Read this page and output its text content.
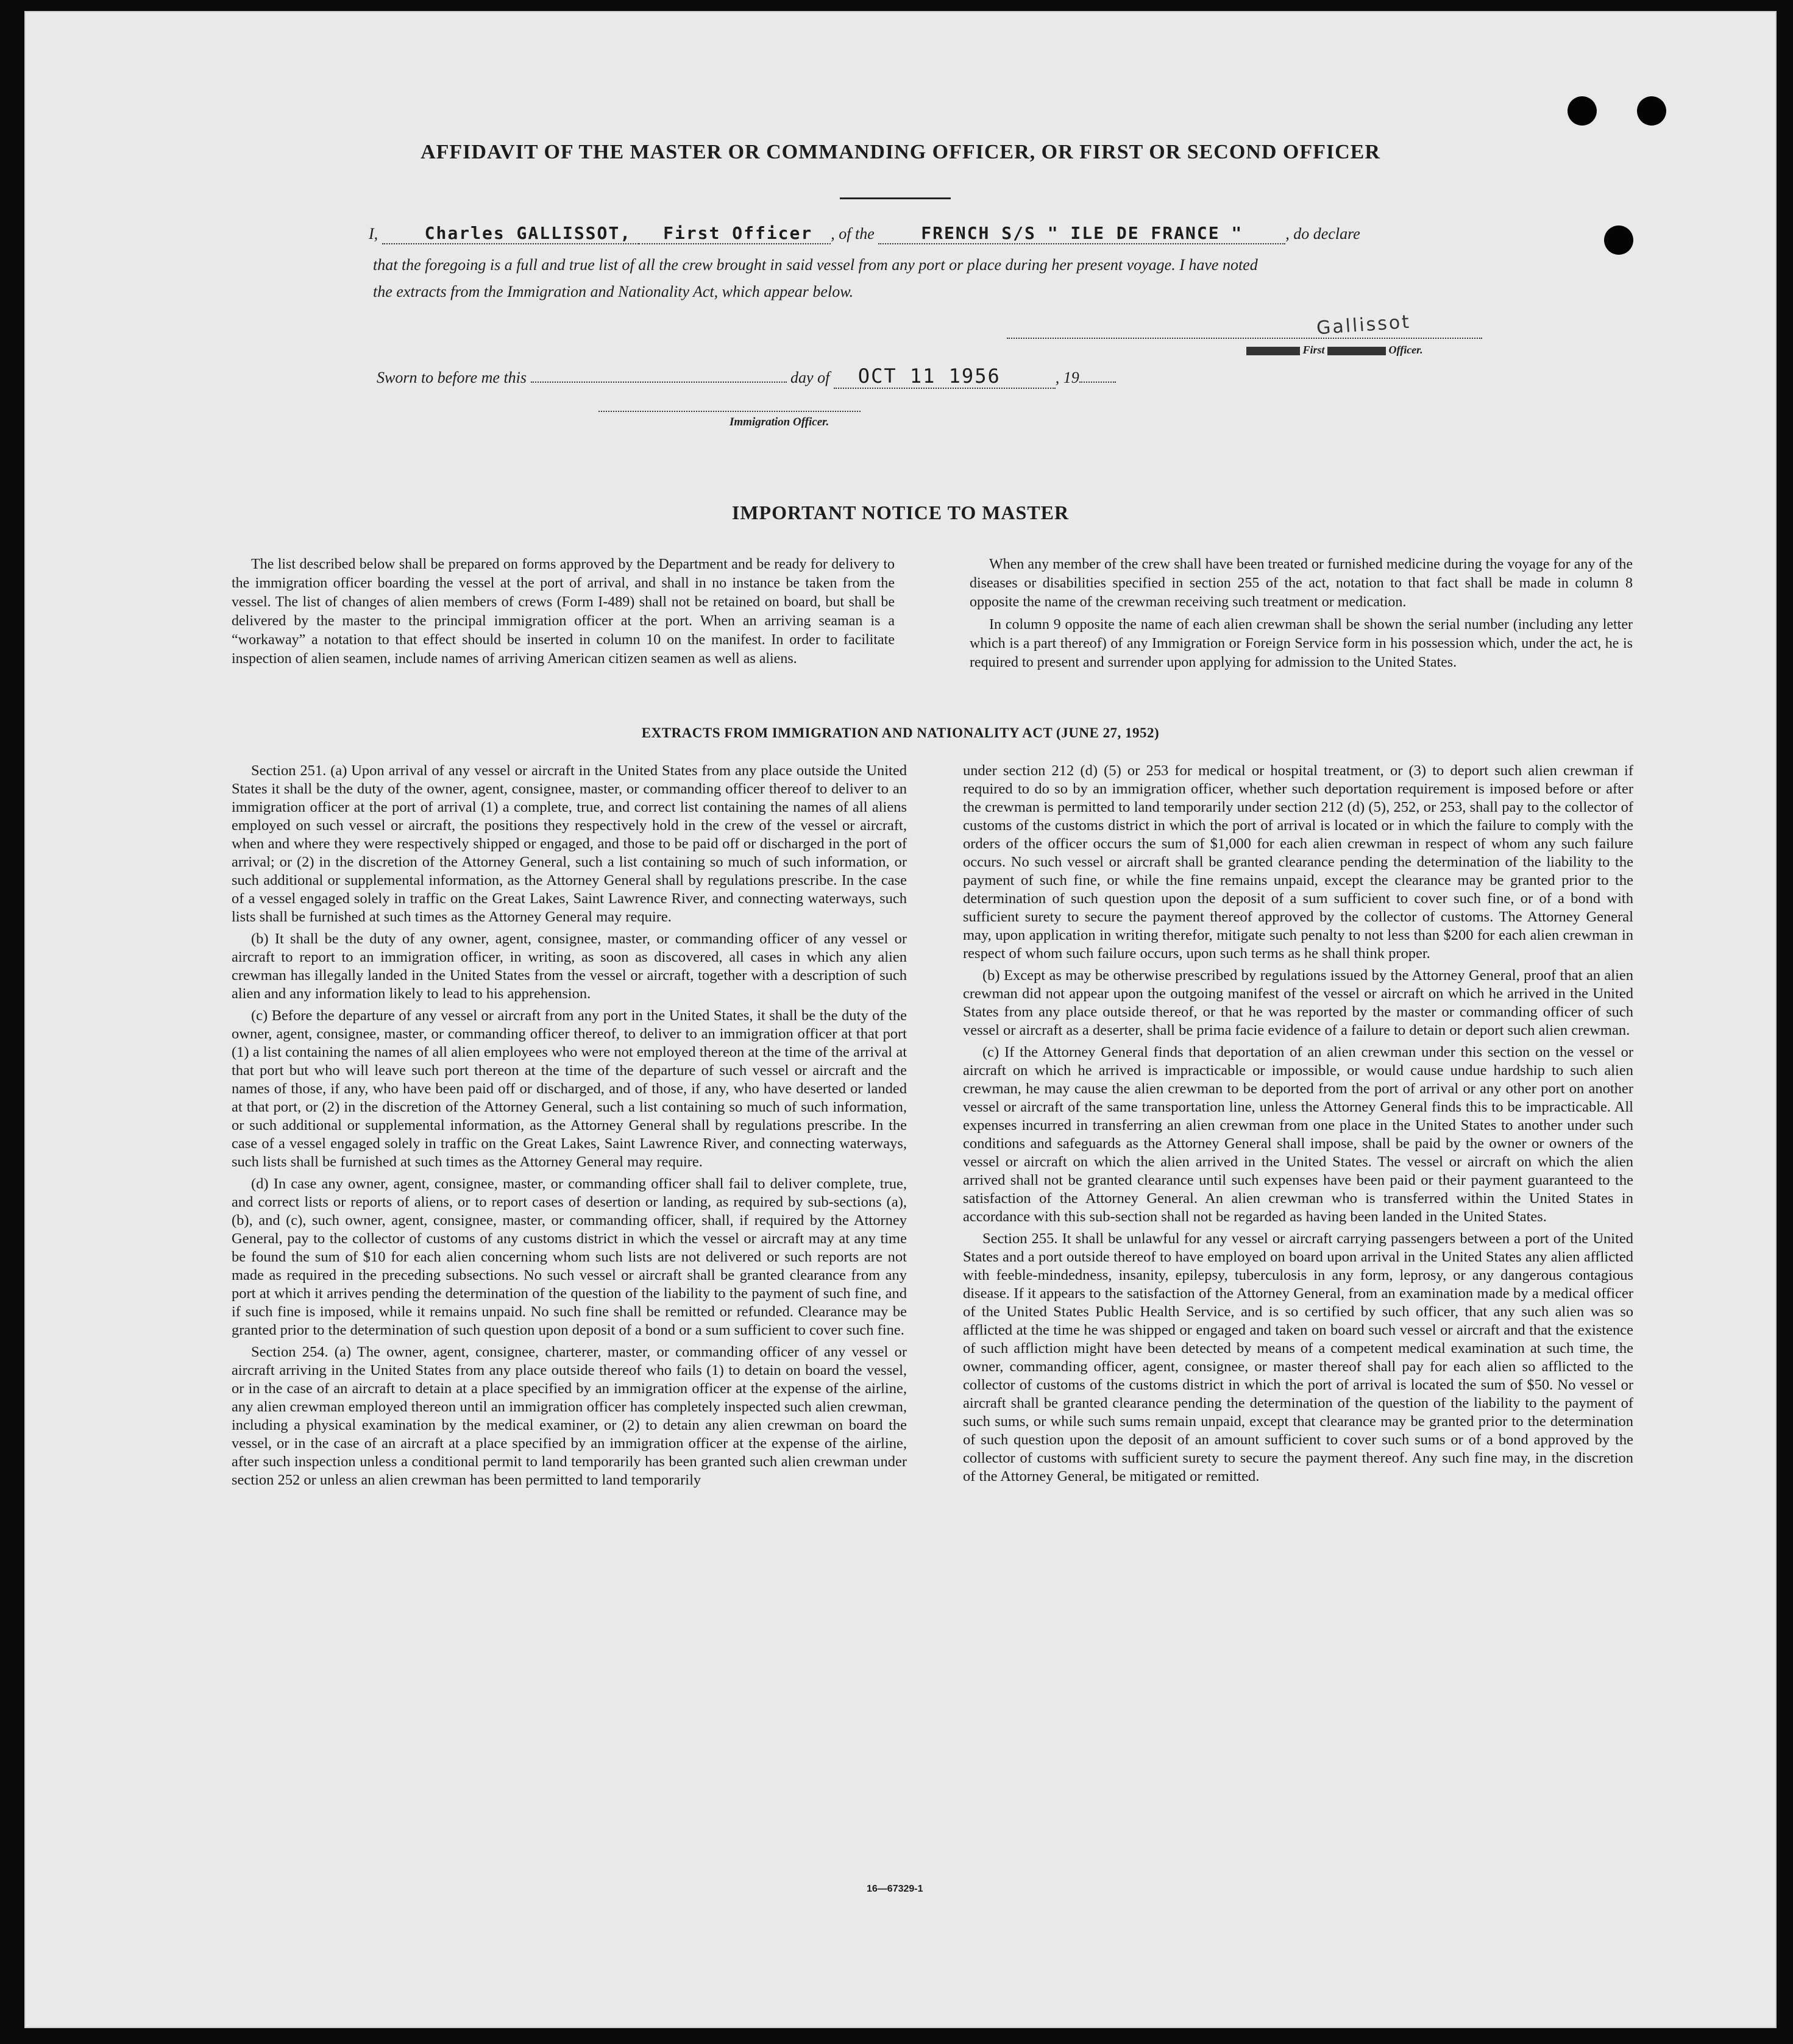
ㅤ
AFFIDAVIT OF THE MASTER OR COMMANDING OFFICER, OR FIRST OR SECOND OFFICER
I,	Charles GALLISSOT, First Officer , of the	FRENCH S/S " ILE DE FRANCE "	, do declare
that the foregoing is a full and true list of all the crew brought in said vessel from any port or place during her present voyage. I have noted
the extracts from the Immigration and Nationality Act, which appear below.
Gallissot
First	Officer.
Sworn to before me this	day of OCT 11 1956	, 19
Immigration Officer.
IMPORTANT NOTICE TO MASTER

The list described below shall be prepared on forms approved by the Department and be ready for delivery to the immigration officer boarding the vessel at the port of arrival, and shall in no instance be taken from the vessel. The list of changes of alien members of crews (Form I-489) shall not be retained on board, but shall be delivered by the master to the principal immigration officer at the port. When an arriving seaman is a “workaway” a notation to that effect should be inserted in column 10 on the manifest. In order to facilitate inspection of alien seamen, include names of arriving American citizen seamen as well as aliens.

When any member of the crew shall have been treated or furnished medicine during the voyage for any of the diseases or disabilities specified in section 255 of the act, notation to that fact shall be made in column 8 opposite the name of the crewman receiving such treatment or medication.

In column 9 opposite the name of each alien crewman shall be shown the serial number (including any letter which is a part thereof) of any Immigration or Foreign Service form in his possession which, under the act, he is required to present and surrender upon applying for admission to the United States.

EXTRACTS FROM IMMIGRATION AND NATIONALITY ACT (JUNE 27, 1952)

Section 251. (a) Upon arrival of any vessel or aircraft in the United States from any place outside the United States it shall be the duty of the owner, agent, consignee, master, or commanding officer thereof to deliver to an immigration officer at the port of arrival (1) a complete, true, and correct list containing the names of all aliens employed on such vessel or aircraft, the positions they respectively hold in the crew of the vessel or aircraft, when and where they were respectively shipped or engaged, and those to be paid off or discharged in the port of arrival; or (2) in the discretion of the Attorney General, such a list containing so much of such information, or such additional or supplemental information, as the Attorney General shall by regulations prescribe. In the case of a vessel engaged solely in traffic on the Great Lakes, Saint Lawrence River, and connecting waterways, such lists shall be furnished at such times as the Attorney General may require.

(b) It shall be the duty of any owner, agent, consignee, master, or commanding officer of any vessel or aircraft to report to an immigration officer, in writing, as soon as discovered, all cases in which any alien crewman has illegally landed in the United States from the vessel or aircraft, together with a description of such alien and any information likely to lead to his apprehension.

(c) Before the departure of any vessel or aircraft from any port in the United States, it shall be the duty of the owner, agent, consignee, master, or commanding officer thereof, to deliver to an immigration officer at that port (1) a list containing the names of all alien employees who were not employed thereon at the time of the arrival at that port but who will leave such port thereon at the time of the departure of such vessel or aircraft and the names of those, if any, who have been paid off or discharged, and of those, if any, who have deserted or landed at that port, or (2) in the discretion of the Attorney General, such a list containing so much of such information, or such additional or supplemental information, as the Attorney General shall by regulations prescribe. In the case of a vessel engaged solely in traffic on the Great Lakes, Saint Lawrence River, and connecting waterways, such lists shall be furnished at such times as the Attorney General may require.

(d) In case any owner, agent, consignee, master, or commanding officer shall fail to deliver complete, true, and correct lists or reports of aliens, or to report cases of desertion or landing, as required by sub-sections (a), (b), and (c), such owner, agent, consignee, master, or commanding officer, shall, if required by the Attorney General, pay to the collector of customs of any customs district in which the vessel or aircraft may at any time be found the sum of $10 for each alien concerning whom such lists are not delivered or such reports are not made as required in the preceding subsections. No such vessel or aircraft shall be granted clearance from any port at which it arrives pending the determination of the question of the liability to the payment of such fine, and if such fine is imposed, while it remains unpaid. No such fine shall be remitted or refunded. Clearance may be granted prior to the determination of such question upon deposit of a bond or a sum sufficient to cover such fine.

Section 254. (a) The owner, agent, consignee, charterer, master, or commanding officer of any vessel or aircraft arriving in the United States from any place outside thereof who fails (1) to detain on board the vessel, or in the case of an aircraft to detain at a place specified by an immigration officer at the expense of the airline, any alien crewman employed thereon until an immigration officer has completely inspected such alien crewman, including a physical examination by the medical examiner, or (2) to detain any alien crewman on board the vessel, or in the case of an aircraft at a place specified by an immigration officer at the expense of the airline, after such inspection unless a conditional permit to land temporarily has been granted such alien crewman under section 252 or unless an alien crewman has been permitted to land temporarily

under section 212 (d) (5) or 253 for medical or hospital treatment, or (3) to deport such alien crewman if required to do so by an immigration officer, whether such deportation requirement is imposed before or after the crewman is permitted to land temporarily under section 212 (d) (5), 252, or 253, shall pay to the collector of customs of the customs district in which the port of arrival is located or in which the failure to comply with the orders of the officer occurs the sum of $1,000 for each alien crewman in respect of whom any such failure occurs. No such vessel or aircraft shall be granted clearance pending the determination of the liability to the payment of such fine, or while the fine remains unpaid, except the clearance may be granted prior to the determination of such question upon the deposit of a sum sufficient to cover such fine, or of a bond with sufficient surety to secure the payment thereof approved by the collector of customs. The Attorney General may, upon application in writing therefor, mitigate such penalty to not less than $200 for each alien crewman in respect of whom such failure occurs, upon such terms as he shall think proper.

(b) Except as may be otherwise prescribed by regulations issued by the Attorney General, proof that an alien crewman did not appear upon the outgoing manifest of the vessel or aircraft on which he arrived in the United States from any place outside thereof, or that he was reported by the master or commanding officer of such vessel or aircraft as a deserter, shall be prima facie evidence of a failure to detain or deport such alien crewman.

(c) If the Attorney General finds that deportation of an alien crewman under this section on the vessel or aircraft on which he arrived is impracticable or impossible, or would cause undue hardship to such alien crewman, he may cause the alien crewman to be deported from the port of arrival or any other port on another vessel or aircraft of the same transportation line, unless the Attorney General finds this to be impracticable. All expenses incurred in transferring an alien crewman from one place in the United States to another under such conditions and safeguards as the Attorney General shall impose, shall be paid by the owner or owners of the vessel or aircraft on which the alien arrived in the United States. The vessel or aircraft on which the alien arrived shall not be granted clearance until such expenses have been paid or their payment guaranteed to the satisfaction of the Attorney General. An alien crewman who is transferred within the United States in accordance with this sub-section shall not be regarded as having been landed in the United States.

Section 255. It shall be unlawful for any vessel or aircraft carrying passengers between a port of the United States and a port outside thereof to have employed on board upon arrival in the United States any alien afflicted with feeble-mindedness, insanity, epilepsy, tuberculosis in any form, leprosy, or any dangerous contagious disease. If it appears to the satisfaction of the Attorney General, from an examination made by a medical officer of the United States Public Health Service, and is so certified by such officer, that any such alien was so afflicted at the time he was shipped or engaged and taken on board such vessel or aircraft and that the existence of such affliction might have been detected by means of a competent medical examination at such time, the owner, commanding officer, agent, consignee, or master thereof shall pay for each alien so afflicted to the collector of customs of the customs district in which the port of arrival is located the sum of $50. No vessel or aircraft shall be granted clearance pending the determination of the question of the liability to the payment of such sums, or while such sums remain unpaid, except that clearance may be granted prior to the determination of such question upon the deposit of an amount sufficient to cover such sums or of a bond approved by the collector of customs with sufficient surety to secure the payment thereof. Any such fine may, in the discretion of the Attorney General, be mitigated or remitted.

16—67329-1
